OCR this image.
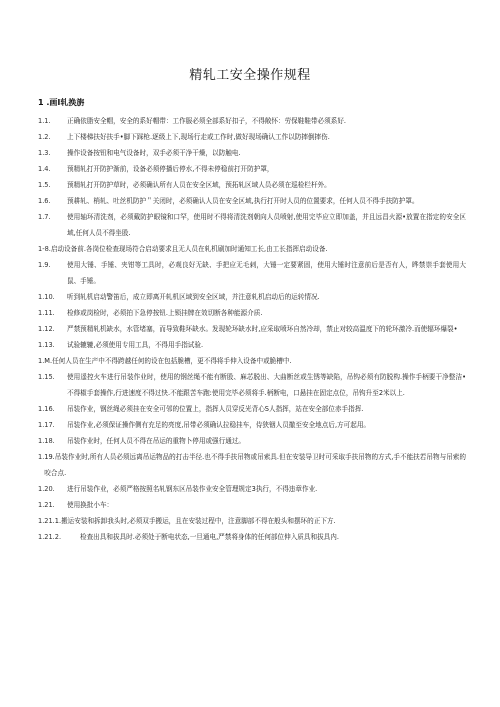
精轧工安全操作规程
1 .画I轧换旃

1.1.	正确依脂安全帽，安全的系好帽带：工作服必须全部系好扣子，不得敞怀：劳保鞋鞋带必须系好.

1.2.	上下楼梯扶好扶手•脚下踩枪.逐级上下,现场行走或工作时,做好现场确认工作以防摔倒摔伤.

1.3.	操作设备按钮和电气设备时，双手必须干净干燥，以防触电.

1.4.	预精轧打开防护渐前，设备必须停播后停水,不得未停稳前打开防护罩，

1.5.	预精轧打开防护草时，必须确认所有人员在安全区域，预拓轧区域人员必须在巡检栏杆外。

1.6.	预耕轧、梢轧、吐丝机防护＂关闭时，必须确认人员在安全区域,执行打开时人员的位置要求，任何人员不得手扶防护罩。

1.7.	使用轴环清洗剂，必须戴防护眼镜和口罕，使用时不得将清洗剂朝向人员喷射,使用完毕应立即加盖，并且远昌火源•放置在指定的安全区域,任何人员不得坐股.

1-8. 启动设备前.各岗位检查现场符合启动要求且无人员在轧机刷加时通知工长,由工长指挥启动设备.

1.9.	使用大锤、手锤、夹钳等工具时，必观良好无缺、手把应无毛刺，大锤一定要紧固，使用大锤时注意前后是否有人，晔禁崇手套使用大鼠、手锤。

1.10.	听到轧机启动警笛后，成立即离开轧机区域到安全区域，并注意轧机启动后的运转情况.

1.11.	检修或岗检时，必须拍下急停按钮.上锁挂牌在效切断各种能源介质.

1.12.	严禁预精轧机缺水，水管堵塞，而导致鞋环缺水。发现轮环缺水时,应采取喷环自然冷却，禁止对较高温度下的轮环激冷.而使辐环爆裂•

1.13.	试验辘辘,必须使用专用工具，不得用手指试验.

1. M.任何人员在生产中不得跨越任何的设在包括脆槽，更不得将手伸入设备中或脆槽中.

1.15.	使用遥控火车进行吊装作业时，使用的钢丝绳不能有断股、麻芯脱出、大曲断丝或生锈等缺陷，吊钩必须有防脱构.操作手柄要干净整洁•不得椒手套操作,行进速度不得过快.不能跟苦车跑:使用完毕必须将手.柄断电，口悬挂在固定点位，吊钩升至2米以上.

1.16.	吊装作业，钢丝绳必须挂在安全可邻的位置上，指挥人员穿反光背心S人指挥，站在安全部位赤手指挥.

1.17.	吊装作业,必须保证操作侧有充足的亮度,吊带必须确认拉稳挂车，侍狭铟人员撤至安全地点后,方可起用。

1.18.	吊装作业时，任何人员不得在吊运的重物卜停用或强行通过。

1. 19.吊装作业时,所有人员必须远离吊运物品的打击半径.也不得手扶吊物或吊索具.但在安装导卫时可采取手扶吊物的方式,手不能扶若吊物与吊索的咬合点.

1.20.	进行吊装作业，必须严格按照名轧钢东区吊装作业安全管理规定3执行，不得违章作业.

1.21.	使用换批小车：

1.21. 1.搬运安装和拆卸我头时,必须双手搬运，且在安装过程中，注意脚部不得在般头和摆环的正下方.

1.21.2.	检查出具和拔具时.必须处于断电状态,一旦通电,严禁将身体的任何部位伸入质具和拔具内.
